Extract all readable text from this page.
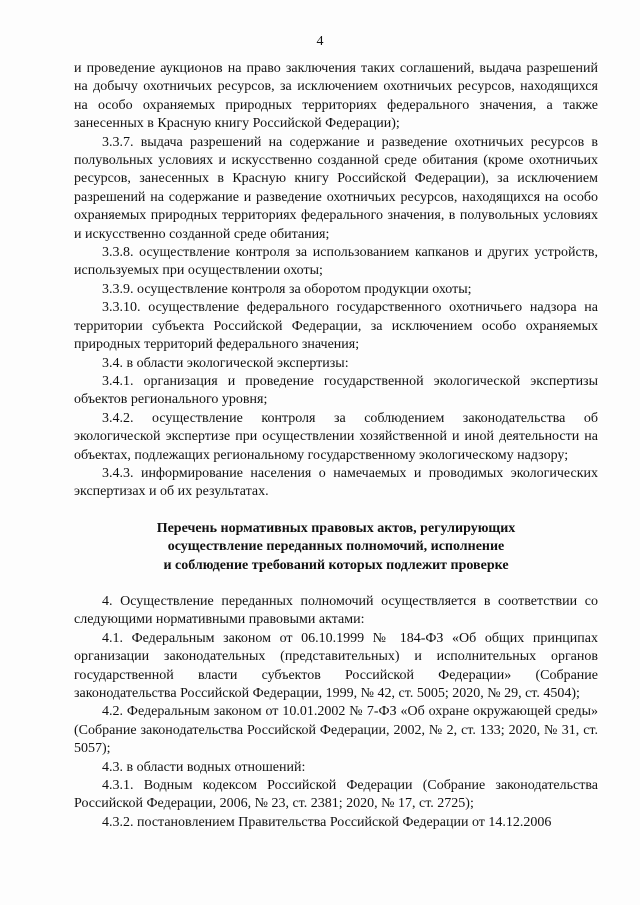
4

и проведение аукционов на право заключения таких соглашений, выдача разрешений на добычу охотничьих ресурсов, за исключением охотничьих ресурсов, находящихся на особо охраняемых природных территориях федерального значения, а также занесенных в Красную книгу Российской Федерации);

3.3.7. выдача разрешений на содержание и разведение охотничьих ресурсов в полувольных условиях и искусственно созданной среде обитания (кроме охотничьих ресурсов, занесенных в Красную книгу Российской Федерации), за исключением разрешений на содержание и разведение охотничьих ресурсов, находящихся на особо охраняемых природных территориях федерального значения, в полувольных условиях и искусственно созданной среде обитания;

3.3.8. осуществление контроля за использованием капканов и других устройств, используемых при осуществлении охоты;

3.3.9. осуществление контроля за оборотом продукции охоты;

3.3.10. осуществление федерального государственного охотничьего надзора на территории субъекта Российской Федерации, за исключением особо охраняемых природных территорий федерального значения;

3.4. в области экологической экспертизы:

3.4.1. организация и проведение государственной экологической экспертизы объектов регионального уровня;

3.4.2. осуществление контроля за соблюдением законодательства об экологической экспертизе при осуществлении хозяйственной и иной деятельности на объектах, подлежащих региональному государственному экологическому надзору;

3.4.3. информирование населения о намечаемых и проводимых экологических экспертизах и об их результатах.

Перечень нормативных правовых актов, регулирующих
осуществление переданных полномочий, исполнение
и соблюдение требований которых подлежит проверке

4. Осуществление переданных полномочий осуществляется в соответствии со следующими нормативными правовыми актами:

4.1. Федеральным законом от 06.10.1999 № 184-ФЗ «Об общих принципах организации законодательных (представительных) и исполнительных органов государственной власти субъектов Российской Федерации» (Собрание законодательства Российской Федерации, 1999, № 42, ст. 5005; 2020, № 29, ст. 4504);

4.2. Федеральным законом от 10.01.2002 № 7-ФЗ «Об охране окружающей среды» (Собрание законодательства Российской Федерации, 2002, № 2, ст. 133; 2020, № 31, ст. 5057);

4.3. в области водных отношений:

4.3.1. Водным кодексом Российской Федерации (Собрание законодательства Российской Федерации, 2006, № 23, ст. 2381; 2020, № 17, ст. 2725);

4.3.2. постановлением Правительства Российской Федерации от 14.12.2006
